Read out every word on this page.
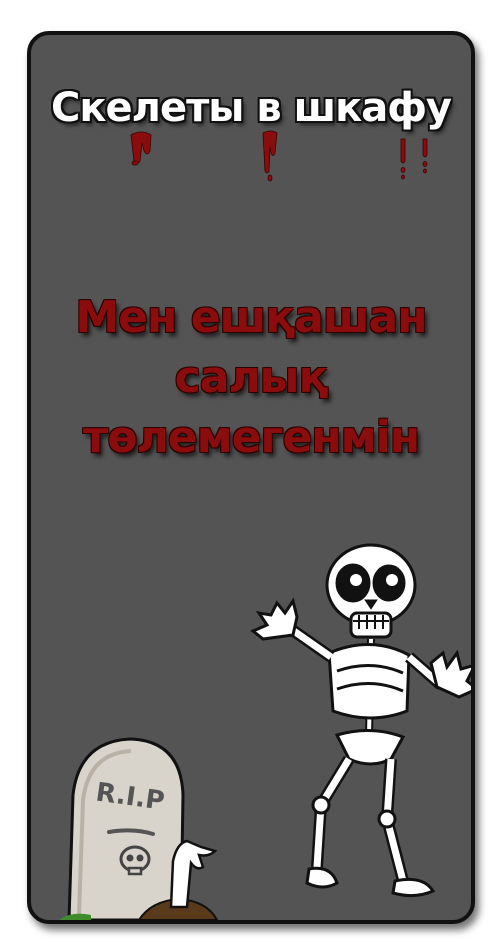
Скелеты в шкафу
Мен ешқашан салық төлемегенмін
R.I.P
